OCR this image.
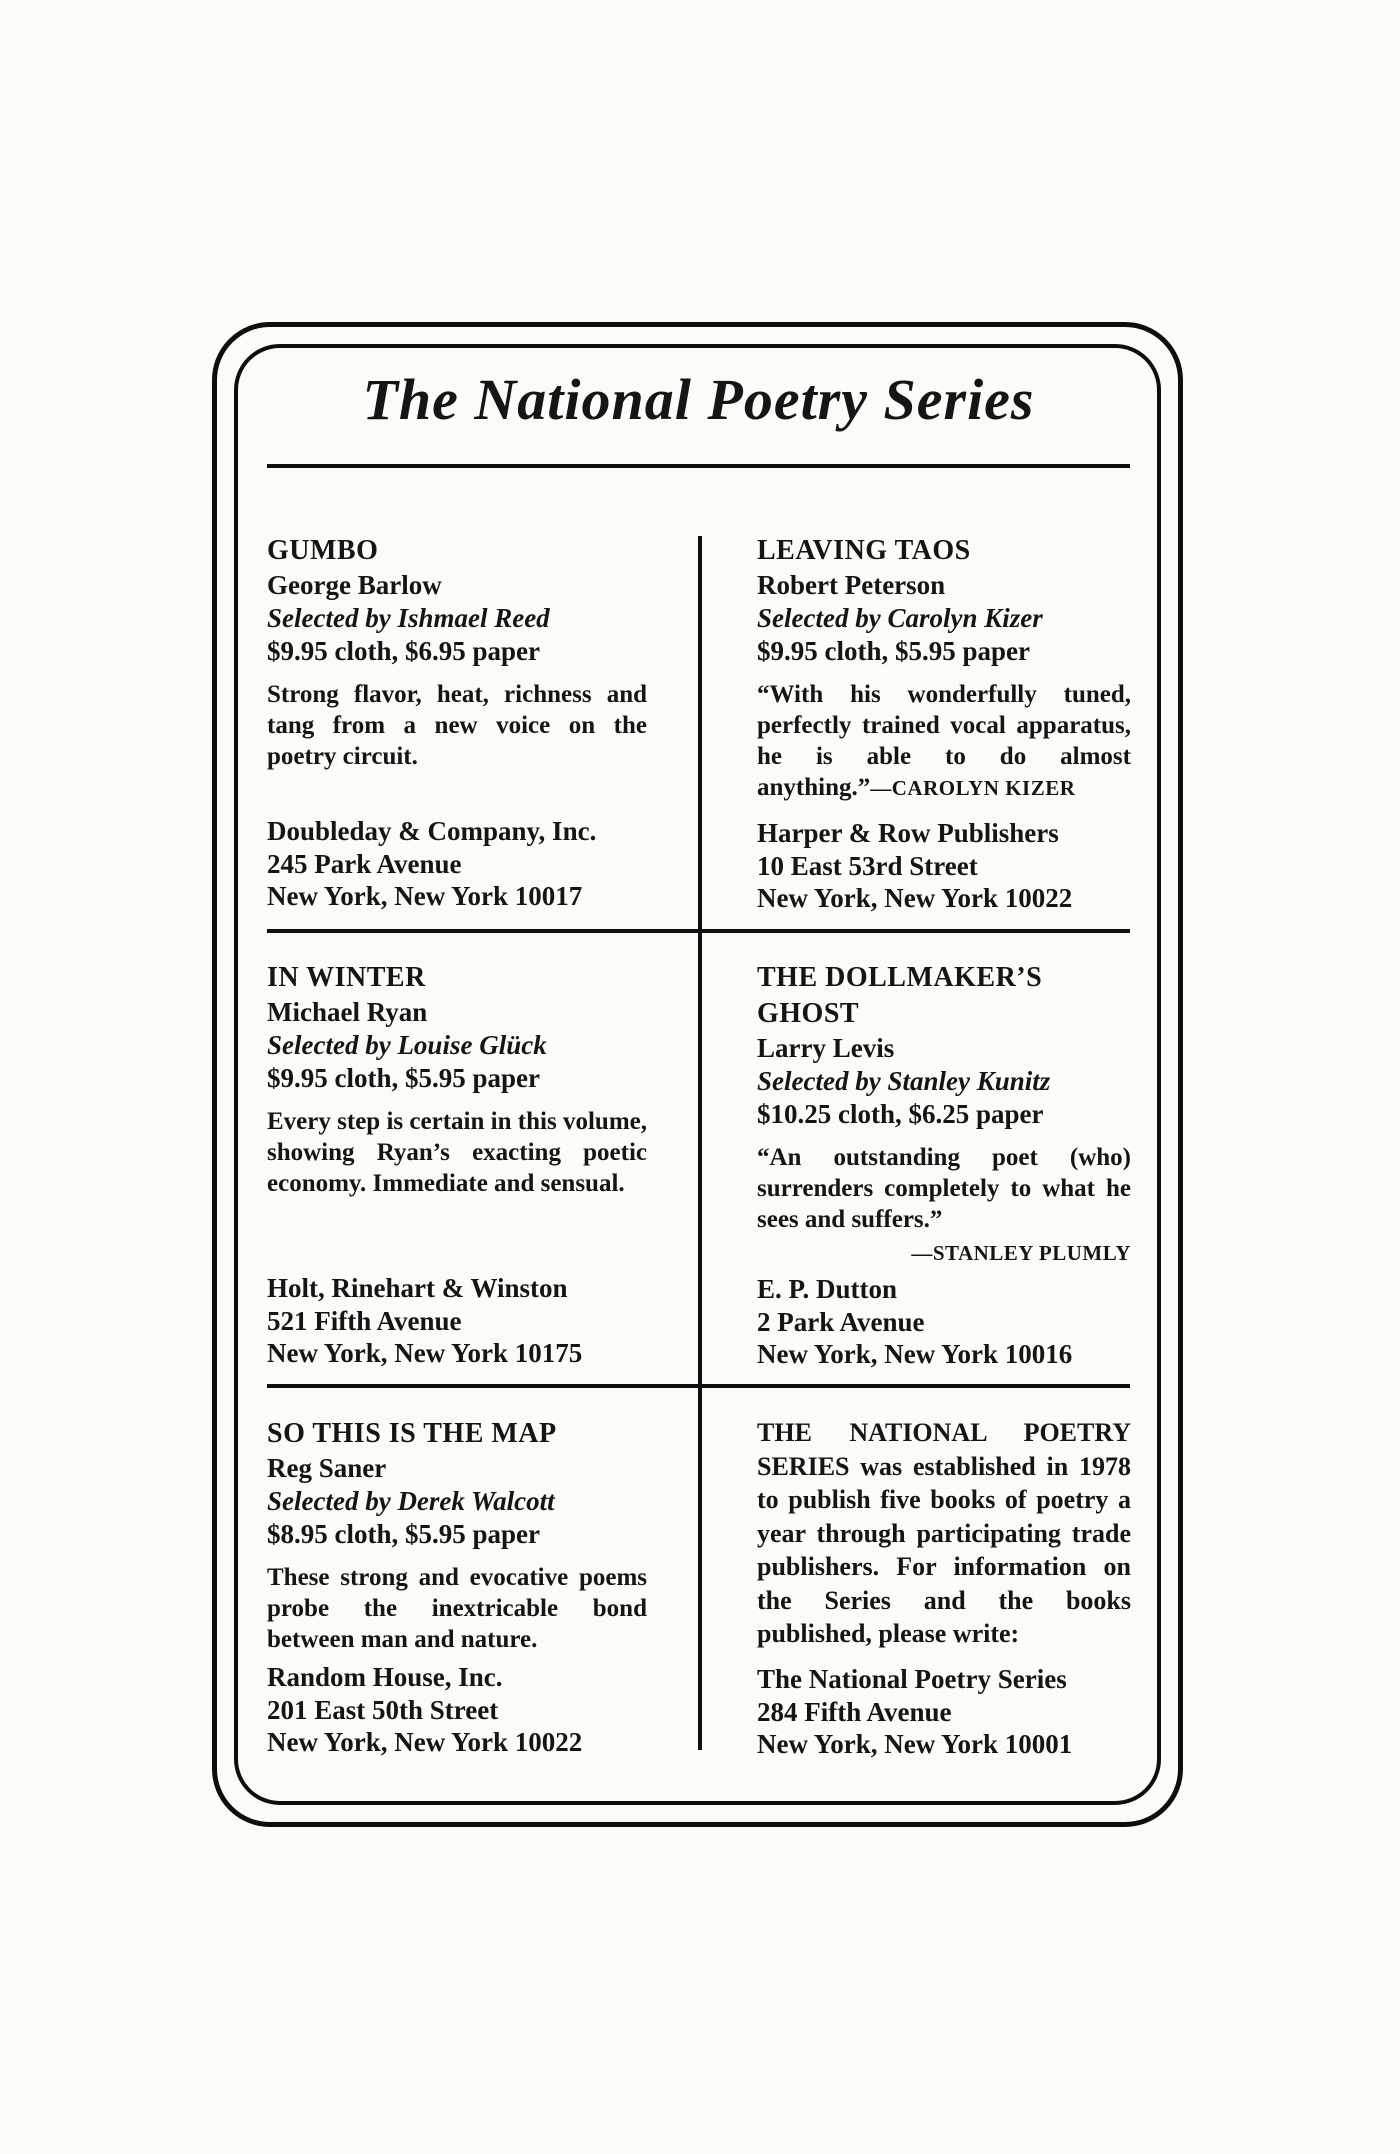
The National Poetry Series
GUMBO
George Barlow
Selected by Ishmael Reed
$9.95 cloth, $6.95 paper

Strong flavor, heat, richness and tang from a new voice on the poetry circuit.

Doubleday & Company, Inc.
245 Park Avenue
New York, New York 10017
LEAVING TAOS
Robert Peterson
Selected by Carolyn Kizer
$9.95 cloth, $5.95 paper

“With his wonderfully tuned, perfectly trained vocal apparatus, he is able to do almost anything.”—CAROLYN KIZER

Harper & Row Publishers
10 East 53rd Street
New York, New York 10022
IN WINTER
Michael Ryan
Selected by Louise Glück
$9.95 cloth, $5.95 paper

Every step is certain in this volume, showing Ryan’s exacting poetic economy. Immediate and sensual.

Holt, Rinehart & Winston
521 Fifth Avenue
New York, New York 10175
THE DOLLMAKER’S GHOST
Larry Levis
Selected by Stanley Kunitz
$10.25 cloth, $6.25 paper

“An outstanding poet (who) surrenders completely to what he sees and suffers.”

—STANLEY PLUMLY
E. P. Dutton
2 Park Avenue
New York, New York 10016
SO THIS IS THE MAP
Reg Saner
Selected by Derek Walcott
$8.95 cloth, $5.95 paper

These strong and evocative poems probe the inextricable bond between man and nature.

Random House, Inc.
201 East 50th Street
New York, New York 10022

THE NATIONAL POETRY SERIES was established in 1978 to publish five books of poetry a year through participating trade publishers. For information on the Series and the books published, please write:

The National Poetry Series
284 Fifth Avenue
New York, New York 10001
